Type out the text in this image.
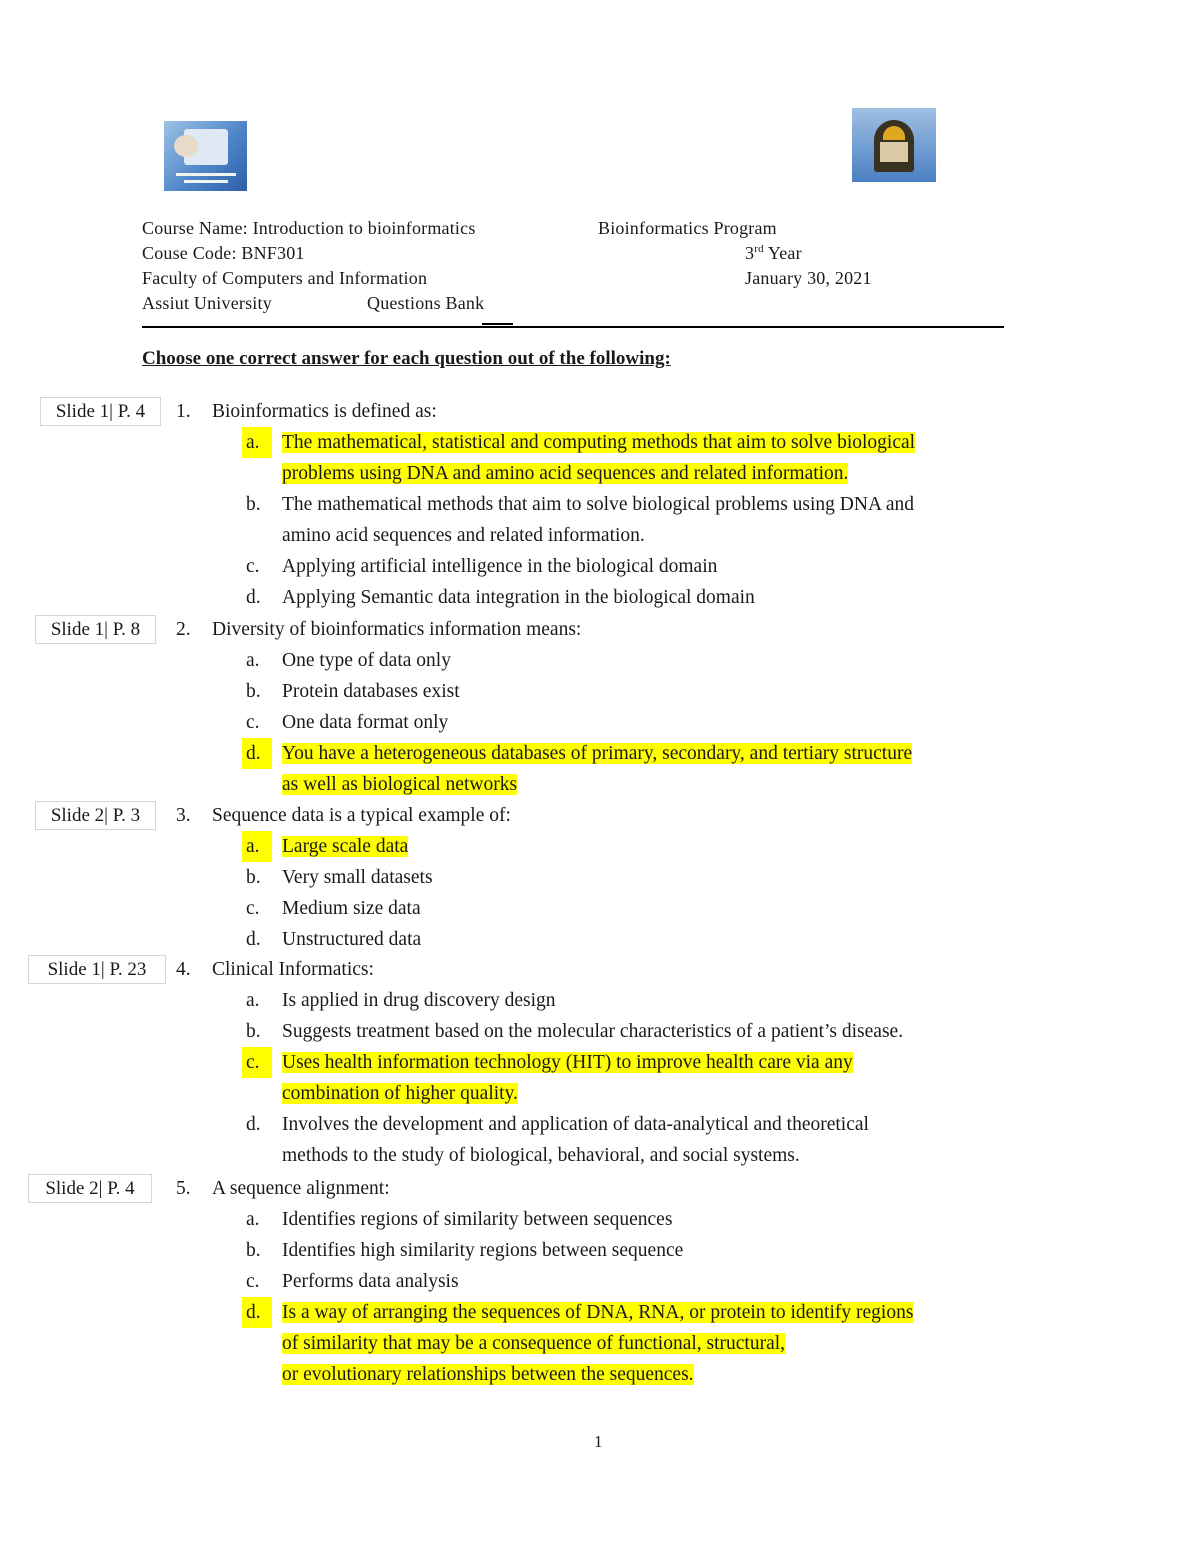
Course Name: Introduction to bioinformatics	Bioinformatics Program
Couse Code: BNF301	3rd Year
Faculty of Computers and Information	January 30, 2021
Assiut University	Questions Bank
Choose one correct answer for each question out of the following:
Slide 1| P. 4	1.	Bioinformatics is defined as:
a.	The mathematical, statistical and computing methods that aim to solve biological
problems using DNA and amino acid sequences and related information.
b.	The mathematical methods that aim to solve biological problems using DNA and
amino acid sequences and related information.
c.	Applying artificial intelligence in the biological domain
d.	Applying Semantic data integration in the biological domain
Slide 1| P. 8	2.	Diversity of bioinformatics information means:
a.	One type of data only
b.	Protein databases exist
c.	One data format only
d.	You have a heterogeneous databases of primary, secondary, and tertiary structure
as well as biological networks
Slide 2| P. 3	3.	Sequence data is a typical example of:
a.	Large scale data
b.	Very small datasets
c.	Medium size data
d.	Unstructured data
Slide 1| P. 23	4.	Clinical Informatics:
a.	Is applied in drug discovery design
b.	Suggests treatment based on the molecular characteristics of a patient’s disease.
c.	Uses health information technology (HIT) to improve health care via any
combination of higher quality.
d.	Involves the development and application of data-analytical and theoretical
methods to the study of biological, behavioral, and social systems.
Slide 2| P. 4	5.	A sequence alignment:
a.	Identifies regions of similarity between sequences
b.	Identifies high similarity regions between sequence
c.	Performs data analysis
d.	Is a way of arranging the sequences of DNA, RNA, or protein to identify regions
of similarity that may be a consequence of functional, structural,
or evolutionary relationships between the sequences.
1
